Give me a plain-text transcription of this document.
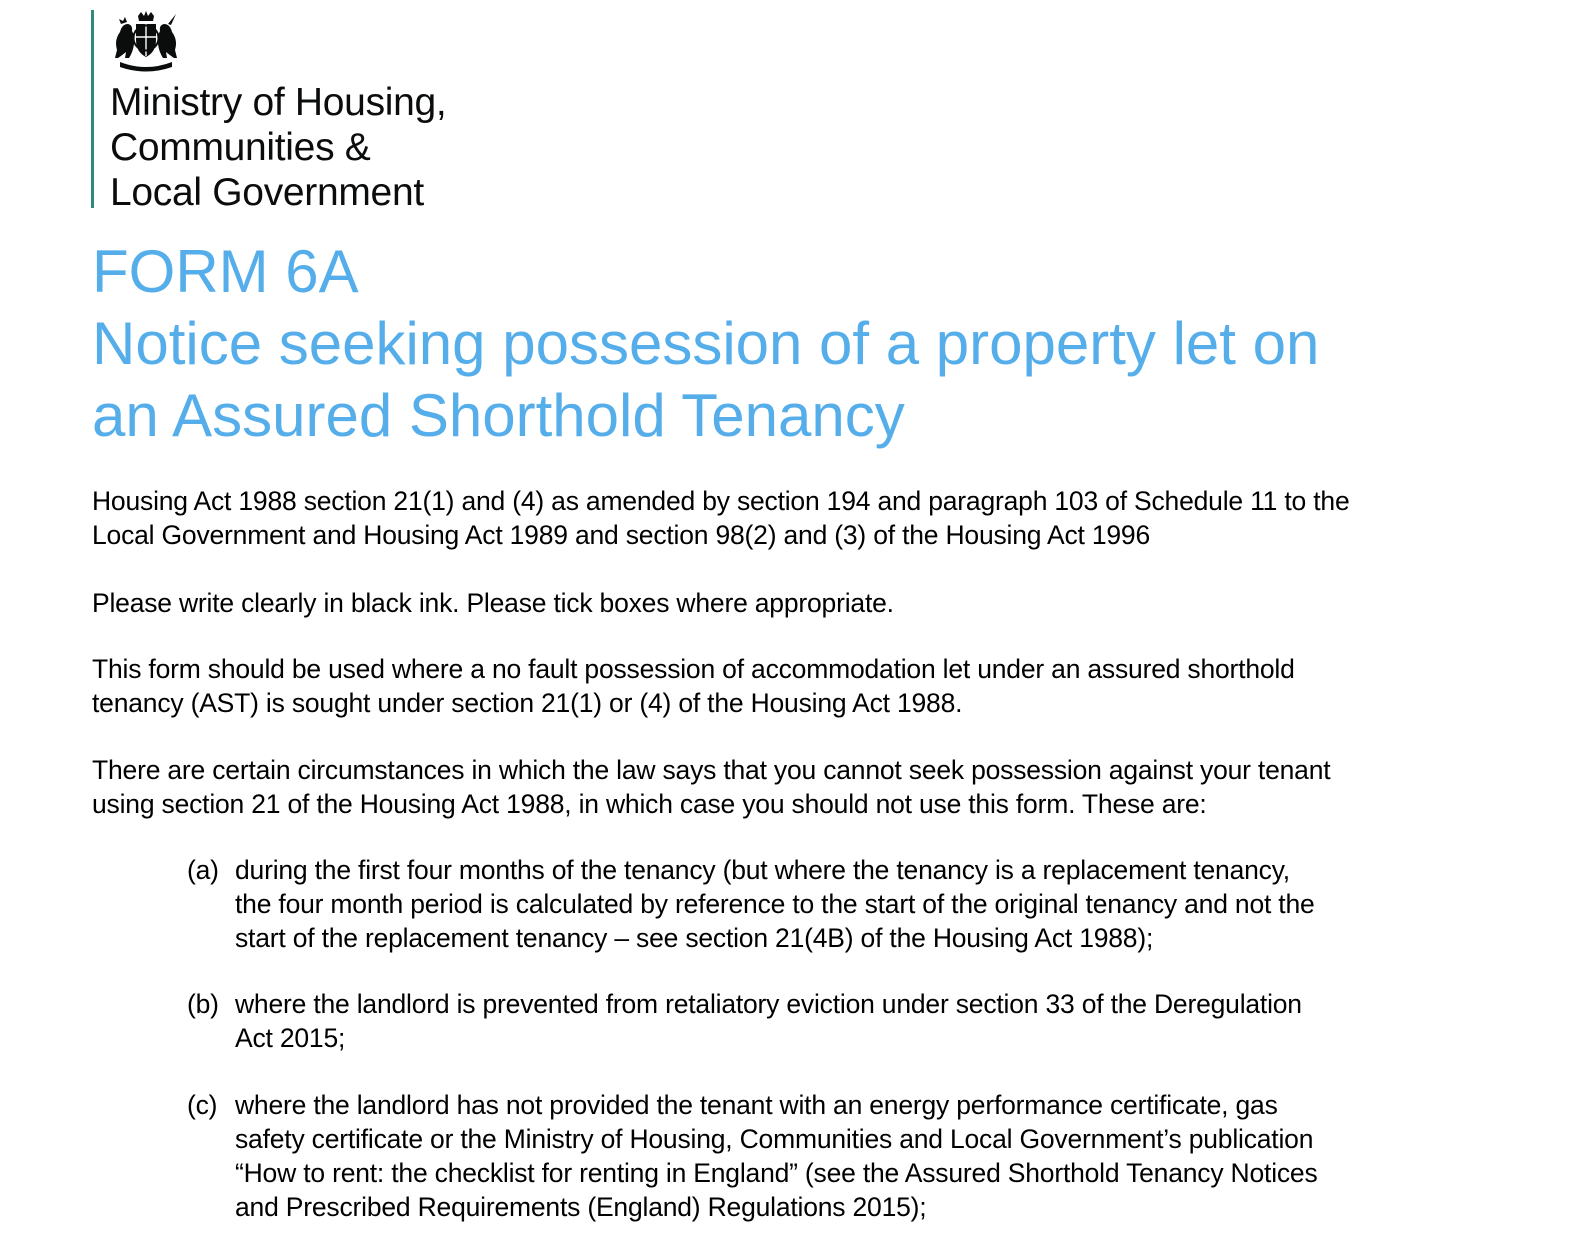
Ministry of Housing,
Communities &
Local Government
FORM 6A
Notice seeking possession of a property let on
an Assured Shorthold Tenancy

Housing Act 1988 section 21(1) and (4) as amended by section 194 and paragraph 103 of Schedule 11 to the
Local Government and Housing Act 1989 and section 98(2) and (3) of the Housing Act 1996

Please write clearly in black ink. Please tick boxes where appropriate.

This form should be used where a no fault possession of accommodation let under an assured shorthold
tenancy (AST) is sought under section 21(1) or (4) of the Housing Act 1988.

There are certain circumstances in which the law says that you cannot seek possession against your tenant
using section 21 of the Housing Act 1988, in which case you should not use this form. These are:

(a) during the first four months of the tenancy (but where the tenancy is a replacement tenancy,
the four month period is calculated by reference to the start of the original tenancy and not the
start of the replacement tenancy – see section 21(4B) of the Housing Act 1988);
(b) where the landlord is prevented from retaliatory eviction under section 33 of the Deregulation
Act 2015;
(c) where the landlord has not provided the tenant with an energy performance certificate, gas
safety certificate or the Ministry of Housing, Communities and Local Government’s publication
“How to rent: the checklist for renting in England” (see the Assured Shorthold Tenancy Notices
and Prescribed Requirements (England) Regulations 2015);
